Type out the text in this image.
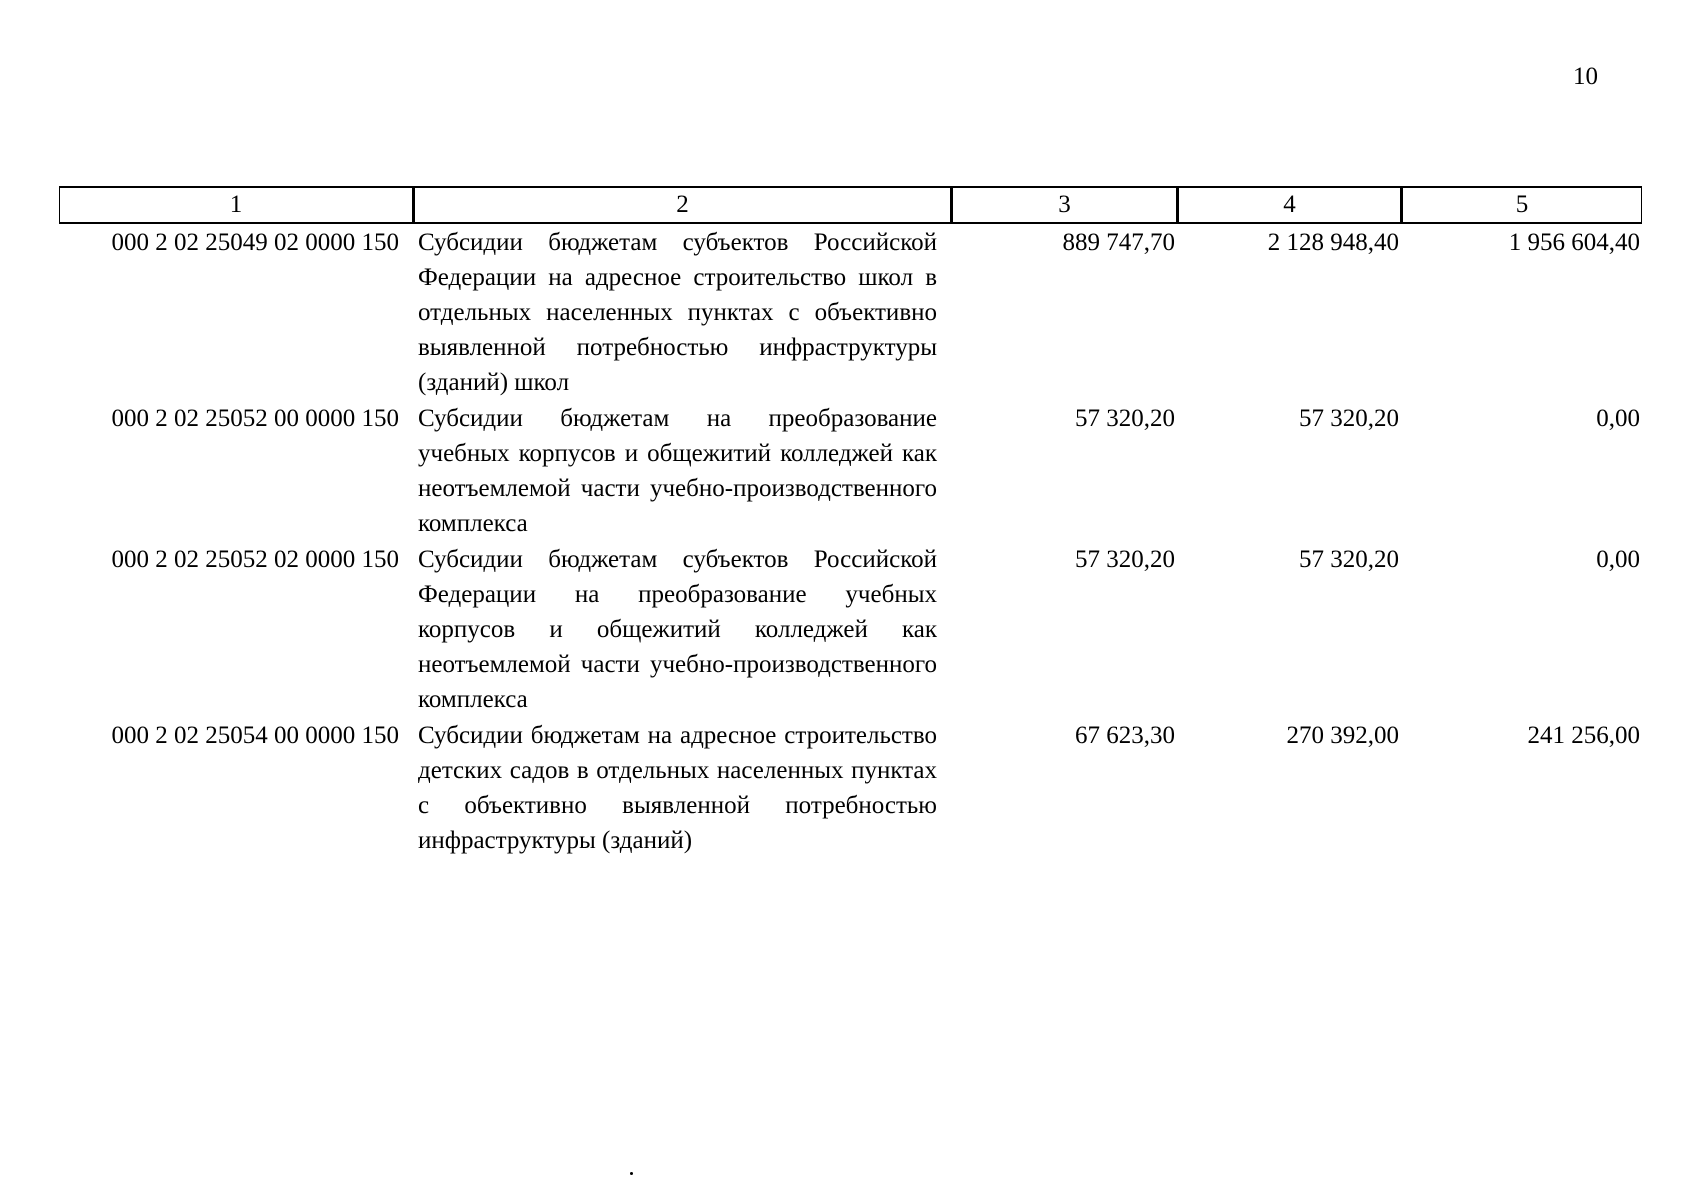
10
1	2	3	4	5
000 2 02 25049 02 0000 150	Субсидии бюджетам субъектов Российской Федерации на адресное строительство школ в отдельных населенных пунктах с объективно выявленной потребностью инфраструктуры (зданий) школ	889 747,70	2 128 948,40	1 956 604,40
000 2 02 25052 00 0000 150	Субсидии бюджетам на преобразование учебных корпусов и общежитий колледжей как неотъемлемой части учебно-производственного комплекса	57 320,20	57 320,20	0,00
000 2 02 25052 02 0000 150	Субсидии бюджетам субъектов Российской Федерации на преобразование учебных корпусов и общежитий колледжей как неотъемлемой части учебно-производственного комплекса	57 320,20	57 320,20	0,00
000 2 02 25054 00 0000 150	Субсидии бюджетам на адресное строительство детских садов в отдельных населенных пунктах с объективно выявленной потребностью инфраструктуры (зданий)	67 623,30	270 392,00	241 256,00
